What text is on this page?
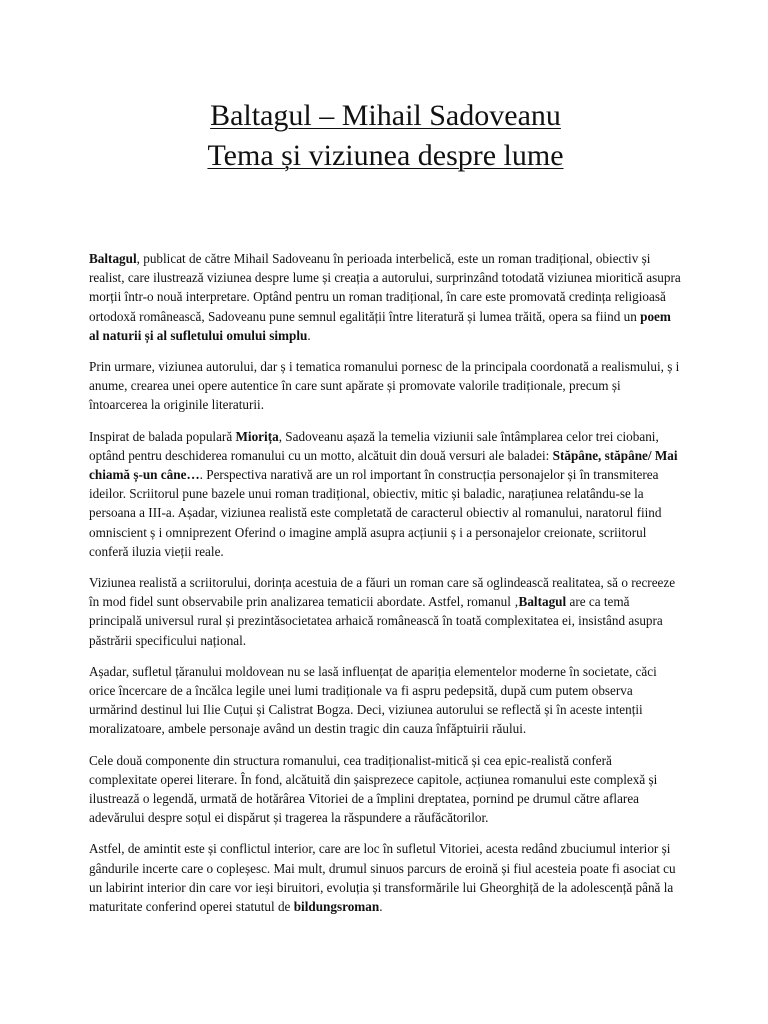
Baltagul – Mihail Sadoveanu
Tema și viziunea despre lume

Baltagul, publicat de către Mihail Sadoveanu în perioada interbelică, este un roman tradițional, obiectiv și realist, care ilustrează viziunea despre lume și creația a autorului, surprinzând totodată viziunea mioritică asupra morții într-o nouă interpretare. Optând pentru un roman tradițional, în care este promovată credința religioasă ortodoxă românească, Sadoveanu pune semnul egalității între literatură și lumea trăită, opera sa fiind un poem al naturii și al sufletului omului simplu.

Prin urmare, viziunea autorului, dar ș i tematica romanului pornesc de la principala coordonată a realismului, ș i anume, crearea unei opere autentice în care sunt apărate și promovate valorile tradiționale, precum și întoarcerea la originile literaturii.

Inspirat de balada populară Miorița, Sadoveanu așază la temelia viziunii sale întâmplarea celor trei ciobani, optând pentru deschiderea romanului cu un motto, alcătuit din două versuri ale baladei: Stăpâne, stăpâne/ Mai chiamă ș-un câne…. Perspectiva narativă are un rol important în construcția personajelor și în transmiterea ideilor. Scriitorul pune bazele unui roman tradițional, obiectiv, mitic și baladic, narațiunea relatându-se la persoana a III-a. Așadar, viziunea realistă este completată de caracterul obiectiv al romanului, naratorul fiind omniscient ș i omniprezent Oferind o imagine amplă asupra acțiunii ș i a personajelor creionate, scriitorul conferă iluzia vieții reale.

Viziunea realistă a scriitorului, dorința acestuia de a făuri un roman care să oglindească realitatea, să o recreeze în mod fidel sunt observabile prin analizarea tematicii abordate. Astfel, romanul ‚Baltagul are ca temă principală universul rural și prezintăsocietatea arhaică românească în toată complexitatea ei, insistând asupra păstrării specificului național.

Așadar, sufletul țăranului moldovean nu se lasă influențat de apariția elementelor moderne în societate, căci orice încercare de a încălca legile unei lumi tradiționale va fi aspru pedepsită, după cum putem observa urmărind destinul lui Ilie Cuțui și Calistrat Bogza. Deci, viziunea autorului se reflectă și în aceste intenții moralizatoare, ambele personaje având un destin tragic din cauza înfăptuirii răului.

Cele două componente din structura romanului, cea tradiționalist-mitică și cea epic-realistă conferă complexitate operei literare. În fond, alcătuită din șaisprezece capitole, acțiunea romanului este complexă și ilustrează o legendă, urmată de hotărârea Vitoriei de a împlini dreptatea, pornind pe drumul către aflarea adevărului despre soțul ei dispărut și tragerea la răspundere a răufăcătorilor.

Astfel, de amintit este și conflictul interior, care are loc în sufletul Vitoriei, acesta redând zbuciumul interior și gândurile incerte care o copleșesc. Mai mult, drumul sinuos parcurs de eroină și fiul acesteia poate fi asociat cu un labirint interior din care vor ieși biruitori, evoluția și transformările lui Gheorghiță de la adolescență până la maturitate conferind operei statutul de bildungsroman.
